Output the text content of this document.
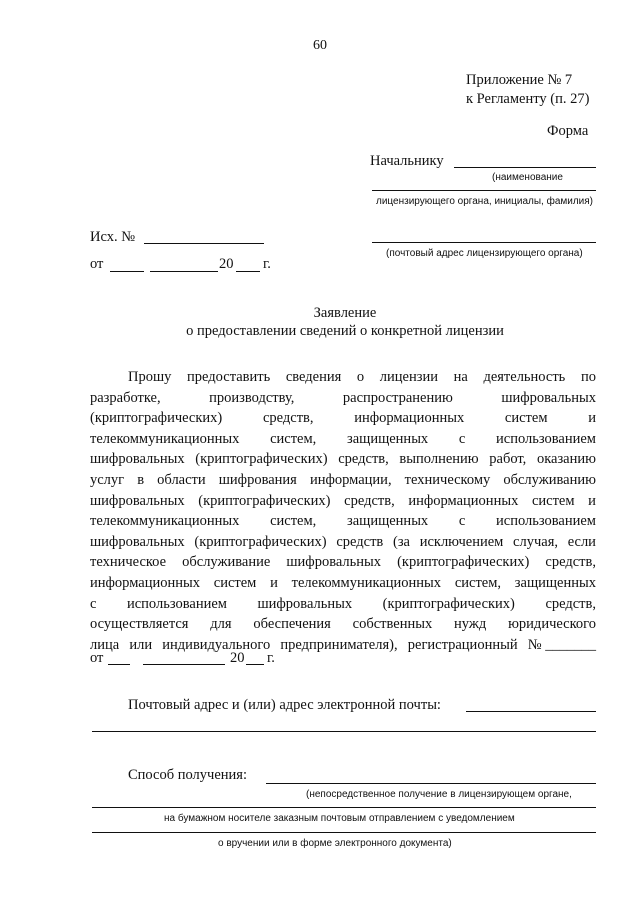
60
Приложение № 7
к Регламенту (п. 27)
Форма
Начальнику
(наименование
лицензирующего органа, инициалы, фамилия)
(почтовый адрес лицензирующего органа)
Исх. №
от	20 г.
Заявление
о предоставлении сведений о конкретной лицензии
Прошу предоставить сведения о лицензии на деятельность по
разработке,	производству,	распространению	шифровальных
(криптографических)	средств,	информационных	систем	и
телекоммуникационных систем, защищенных с использованием
шифровальных (криптографических) средств, выполнению работ, оказанию
услуг в области шифрования информации, техническому обслуживанию
шифровальных (криптографических) средств, информационных систем и
телекоммуникационных систем, защищенных с использованием
шифровальных (криптографических) средств (за исключением случая, если
техническое обслуживание шифровальных (криптографических) средств,
информационных систем и телекоммуникационных систем, защищенных
с использованием шифровальных (криптографических) средств,
осуществляется для обеспечения собственных нужд юридического
лица или индивидуального предпринимателя), регистрационный № _______
от	20 г.
Почтовый адрес и (или) адрес электронной почты:
Способ получения:
(непосредственное получение в лицензирующем органе,
на бумажном носителе заказным почтовым отправлением с уведомлением
о вручении или в форме электронного документа)
